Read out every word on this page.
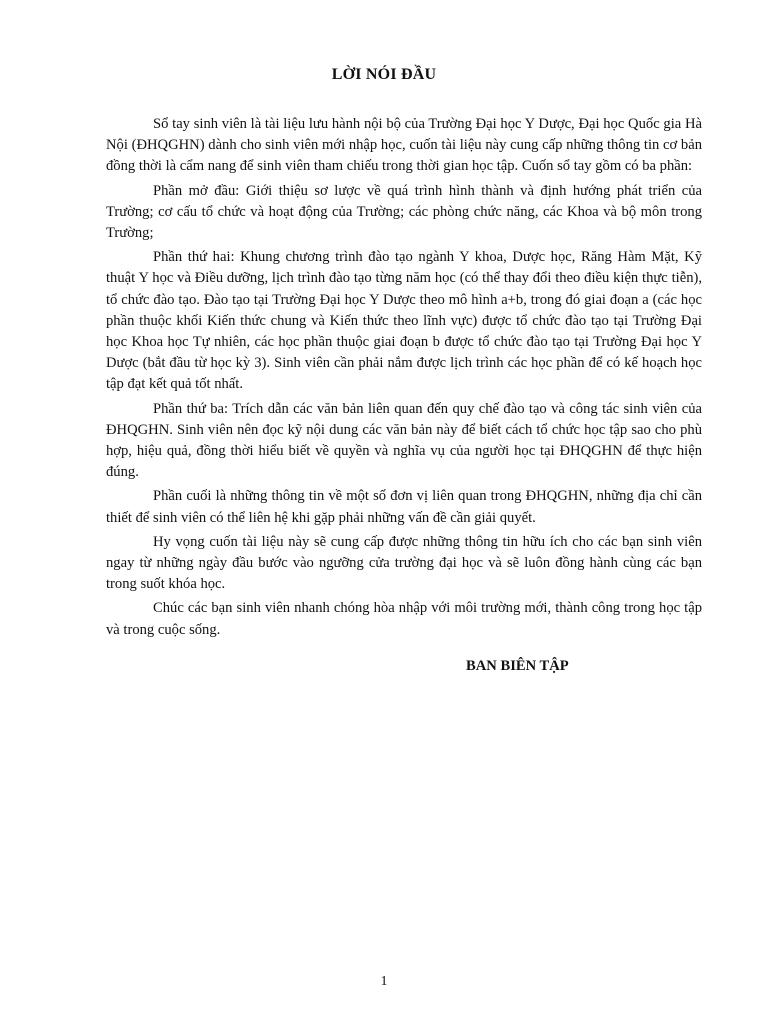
LỜI NÓI ĐẦU

Sổ tay sinh viên là tài liệu lưu hành nội bộ của Trường Đại học Y Dược, Đại học Quốc gia Hà Nội (ĐHQGHN) dành cho sinh viên mới nhập học, cuốn tài liệu này cung cấp những thông tin cơ bản đồng thời là cẩm nang để sinh viên tham chiếu trong thời gian học tập. Cuốn sổ tay gồm có ba phần:

Phần mở đầu: Giới thiệu sơ lược về quá trình hình thành và định hướng phát triển của Trường; cơ cấu tổ chức và hoạt động của Trường; các phòng chức năng, các Khoa và bộ môn trong Trường;

Phần thứ hai: Khung chương trình đào tạo ngành Y khoa, Dược học, Răng Hàm Mặt, Kỹ thuật Y học và Điều dưỡng, lịch trình đào tạo từng năm học (có thể thay đổi theo điều kiện thực tiễn), tổ chức đào tạo. Đào tạo tại Trường Đại học Y Dược theo mô hình a+b, trong đó giai đoạn a (các học phần thuộc khối Kiến thức chung và Kiến thức theo lĩnh vực) được tổ chức đào tạo tại Trường Đại học Khoa học Tự nhiên, các học phần thuộc giai đoạn b được tổ chức đào tạo tại Trường Đại học Y Dược (bắt đầu từ học kỳ 3). Sinh viên cần phải nắm được lịch trình các học phần để có kế hoạch học tập đạt kết quả tốt nhất.

Phần thứ ba: Trích dẫn các văn bản liên quan đến quy chế đào tạo và công tác sinh viên của ĐHQGHN. Sinh viên nên đọc kỹ nội dung các văn bản này để biết cách tổ chức học tập sao cho phù hợp, hiệu quả, đồng thời hiểu biết về quyền và nghĩa vụ của người học tại ĐHQGHN để thực hiện đúng.

Phần cuối là những thông tin về một số đơn vị liên quan trong ĐHQGHN, những địa chỉ cần thiết để sinh viên có thể liên hệ khi gặp phải những vấn đề cần giải quyết.

Hy vọng cuốn tài liệu này sẽ cung cấp được những thông tin hữu ích cho các bạn sinh viên ngay từ những ngày đầu bước vào ngưỡng cửa trường đại học và sẽ luôn đồng hành cùng các bạn trong suốt khóa học.

Chúc các bạn sinh viên nhanh chóng hòa nhập với môi trường mới, thành công trong học tập và trong cuộc sống.

BAN BIÊN TẬP

1
